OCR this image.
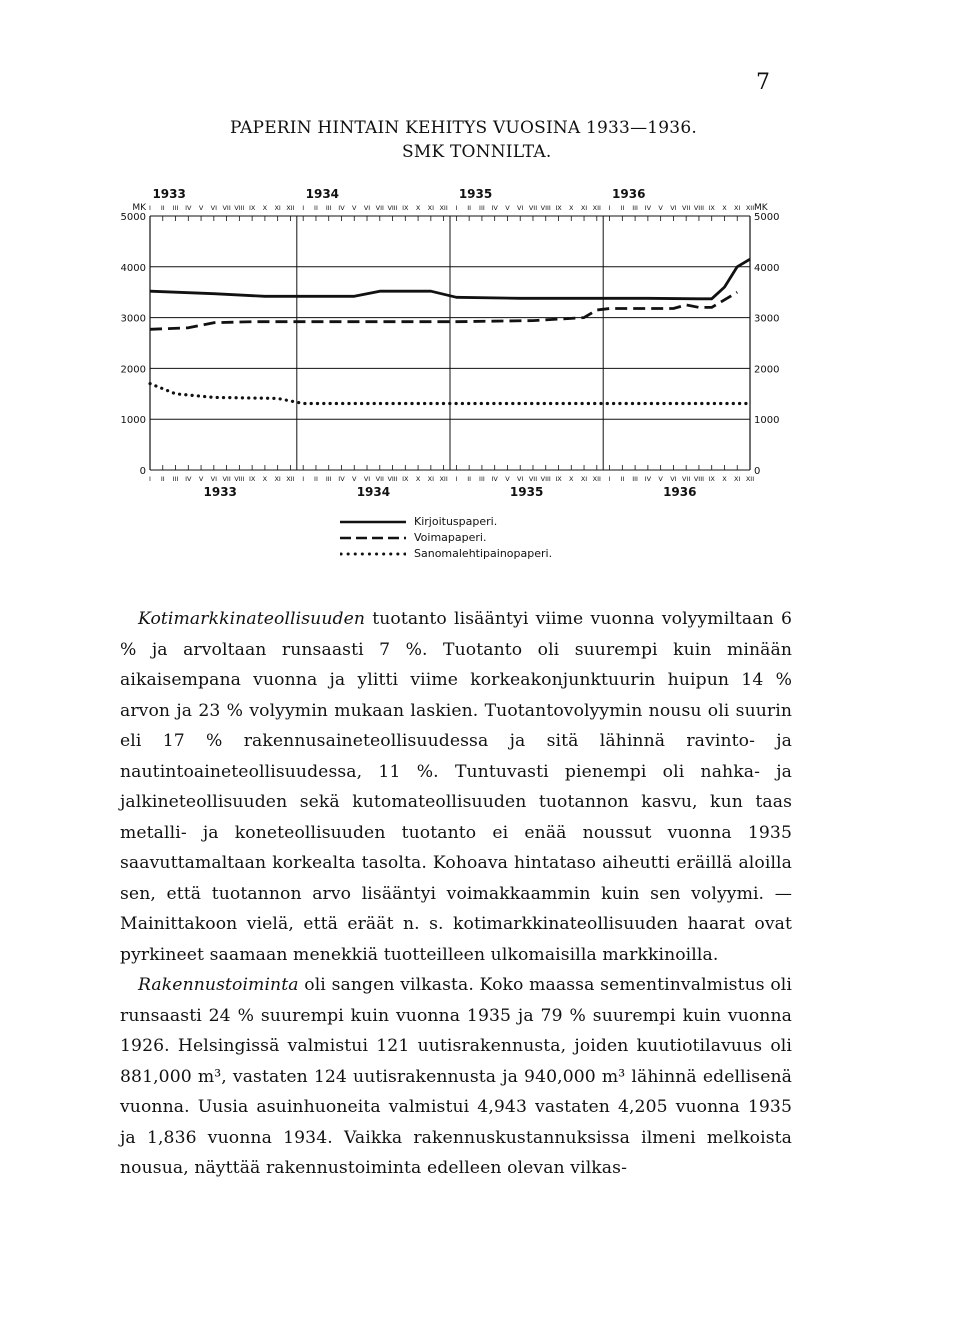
7
PAPERIN HINTAIN KEHITYS VUOSINA 1933—1936.
SMK TONNILTA.
0	0
1000	1000
2000	2000
3000	3000
4000	4000
5000	5000
I
I
II
II
III
III
IV
IV
V
V
VI
VI
VII
VII
VIII
VIII
IX
IX
X
X
XI
XI
XII
XII
I
I
II
II
III
III
IV
IV
V
V
VI
VI
VII
VII
VIII
VIII
IX
IX
X
X
XI
XI
XII
XII
I
I
II
II
III
III
IV
IV
V
V
VI
VI
VII
VII
VIII
VIII
IX
IX
X
X
XI
XI
XII
XII
I
I
II
II
III
III
IV
IV
V
V
VI
VI
VII
VII
VIII
VIII
IX
IX
X
X
XI
XI
XII
XII
1933
1933
1934
1934
1935
1935
1936
1936
MK	MK
Kirjoituspaperi.
Voimapaperi.
Sanomalehtipainopaperi.

Kotimarkkinateollisuuden tuotanto lisääntyi viime vuonna volyymiltaan 6 % ja arvoltaan runsaasti 7 %. Tuotanto oli suurempi kuin minään aikaisempana vuonna ja ylitti viime korkeakonjunktuurin huipun 14 % arvon ja 23 % volyymin mukaan laskien. Tuotantovolyymin nousu oli suurin eli 17 % rakennusaineteollisuudessa ja sitä lähinnä ravinto- ja nautintoaineteollisuudessa, 11 %. Tuntuvasti pienempi oli nahka- ja jalkineteollisuuden sekä kutomateollisuuden tuotannon kasvu, kun taas metalli- ja koneteollisuuden tuotanto ei enää noussut vuonna 1935 saavuttamaltaan korkealta tasolta. Kohoava hintataso aiheutti eräillä aloilla sen, että tuotannon arvo lisääntyi voimakkaammin kuin sen volyymi. — Mainittakoon vielä, että eräät n. s. kotimarkkinateollisuuden haarat ovat pyrkineet saamaan menekkiä tuotteilleen ulkomaisilla markkinoilla.

Rakennustoiminta oli sangen vilkasta. Koko maassa sementinvalmistus oli runsaasti 24 % suurempi kuin vuonna 1935 ja 79 % suurempi kuin vuonna 1926. Helsingissä valmistui 121 uutisrakennusta, joiden kuutiotilavuus oli 881,000 m³, vastaten 124 uutisrakennusta ja 940,000 m³ lähinnä edellisenä vuonna. Uusia asuinhuoneita valmistui 4,943 vastaten 4,205 vuonna 1935 ja 1,836 vuonna 1934. Vaikka rakennuskustannuksissa ilmeni melkoista nousua, näyttää rakennustoiminta edelleen olevan vilkas-
